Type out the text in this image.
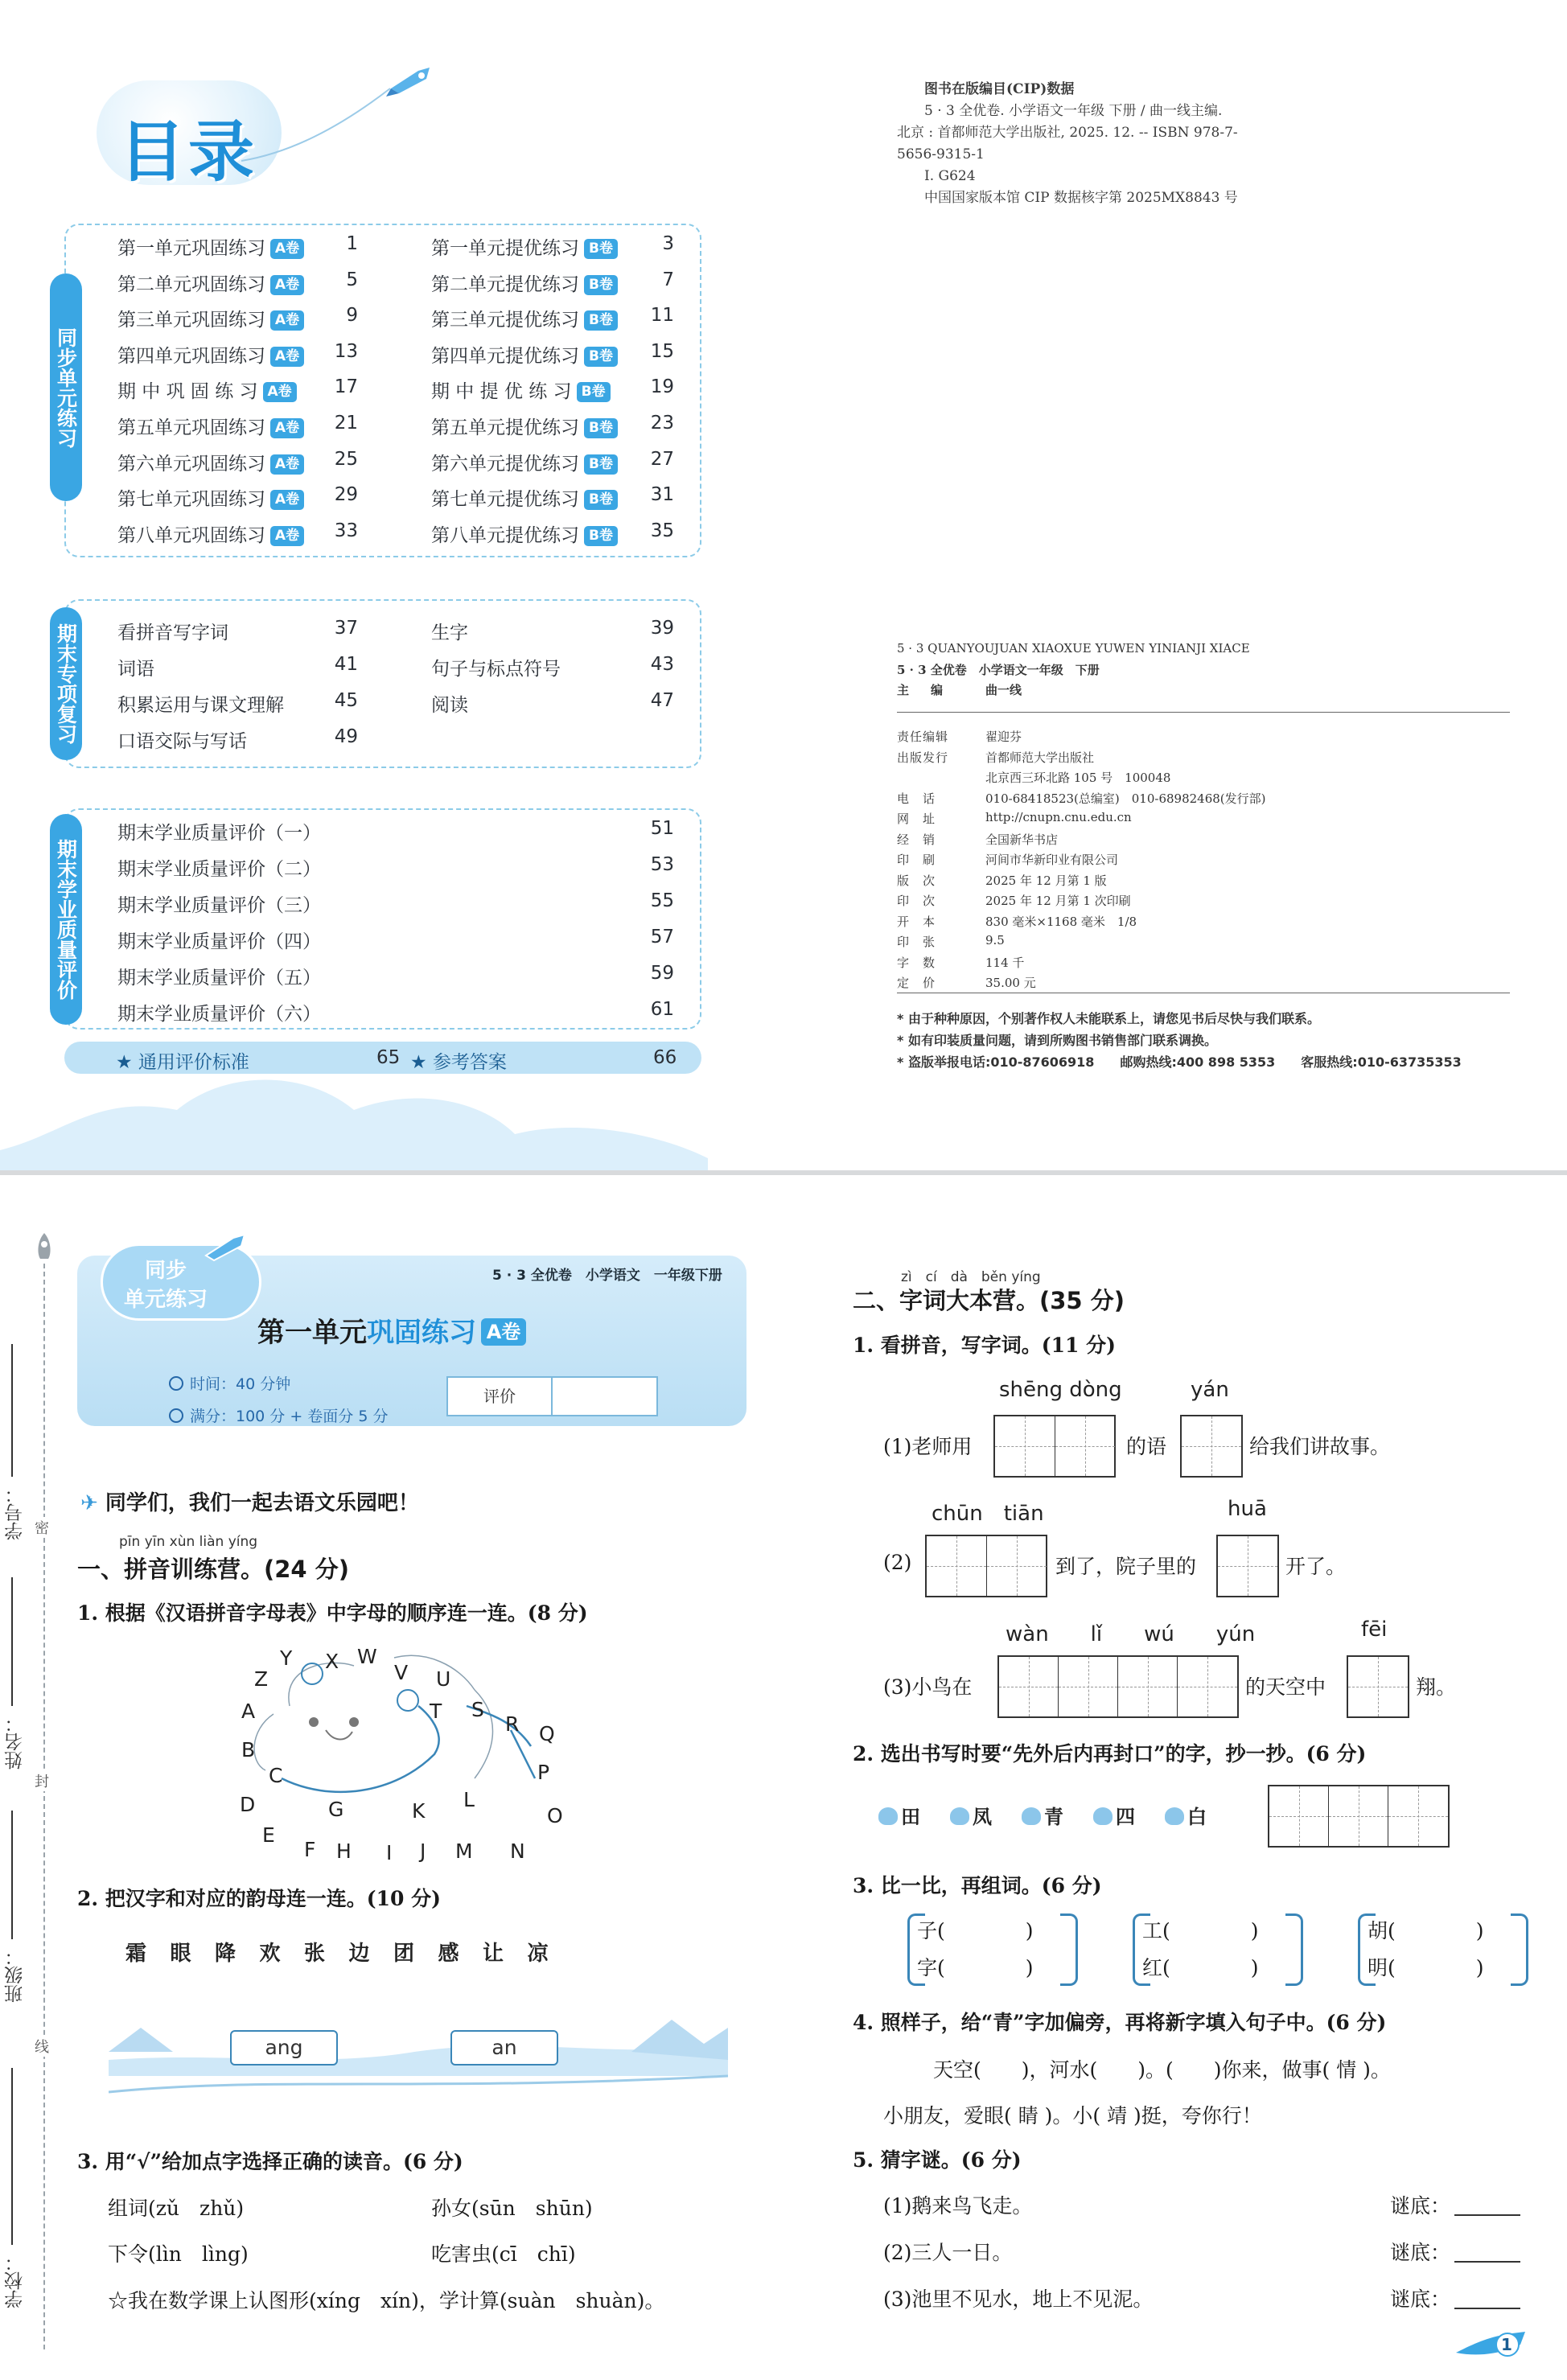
目录
同步单元练习
期末专项复习
期末学业质量评价
★ 通用评价标准	65 ★ 参考答案	66
图书在版编目(CIP)数据
5 · 3 全优卷. 小学语文一年级 下册 / 曲一线主编.
北京 : 首都师范大学出版社, 2025. 12. -- ISBN 978-7-
5656-9315-1
Ⅰ. G624
中国国家版本馆 CIP 数据核字第 2025MX8843 号
5 · 3 QUANYOUJUAN XIAOXUE YUWEN YINIANJI XIACE
5 · 3 全优卷　小学语文一年级　下册
主　编	曲一线
责任编辑	翟迎芬
出版发行	首都师范大学出版社
北京西三环北路 105 号　100048
电　话	010-68418523(总编室)　010-68982468(发行部)
网　址	http://cnupn.cnu.edu.cn
经　销	全国新华书店
印　刷	河间市华新印业有限公司
版　次	2025 年 12 月第 1 版
印　次	2025 年 12 月第 1 次印刷
开　本	830 毫米×1168 毫米　1/8
印　张	9.5
字　数	114 千
定　价	35.00 元
* 由于种种原因，个别著作权人未能联系上，请您见书后尽快与我们联系。
* 如有印装质量问题，请到所购图书销售部门联系调换。
* 盗版举报电话:010-87606918　　邮购热线:400 898 5353　　客服热线:010-63735353
第一单元巩固练习 A卷	1
第二单元巩固练习 A卷	5
第三单元巩固练习 A卷	9
第四单元巩固练习 A卷	13
期 中 巩 固 练 习 A卷	17
第五单元巩固练习 A卷	21
第六单元巩固练习 A卷	25
第七单元巩固练习 A卷	29
第八单元巩固练习 A卷	33
第一单元提优练习 B卷	3
第二单元提优练习 B卷	7
第三单元提优练习 B卷	11
第四单元提优练习 B卷	15
期 中 提 优 练 习 B卷	19
第五单元提优练习 B卷	23
第六单元提优练习 B卷	27
第七单元提优练习 B卷	31
第八单元提优练习 B卷	35
看拼音写字词	37
词语	41
积累运用与课文理解	45
口语交际与写话	49
生字	39
句子与标点符号	43
阅读	47
期末学业质量评价（一）	51
期末学业质量评价（二）	53
期末学业质量评价（三）	55
期末学业质量评价（四）	57
期末学业质量评价（五）	59
期末学业质量评价（六）	61
密
封
线
学号：
姓名：
班级：
学校：
同步
单元练习
5 · 3 全优卷　小学语文　一年级下册
第一单元巩固练习 A卷
时间：40 分钟
满分：100 分 + 卷面分 5 分
评价
✈ 同学们，我们一起去语文乐园吧！
pīn yīn xùn liàn yíng
一、拼音训练营。(24 分)
1. 根据《汉语拼音字母表》中字母的顺序连一连。(8 分)
2. 把汉字和对应的韵母连一连。(10 分)
ang	an
3. 用“√”给加点字选择正确的读音。(6 分)
组词(zǔ　zhǔ)	孙女(sūn　shūn)
下令(lìn　lìng)	吃害虫(cī　chī)
☆我在数学课上认图形(xíng　xín)，学计算(suàn　shuàn)。
zì　cí　dà　běn yíng
二、字词大本营。(35 分)
1. 看拼音，写字词。(11 分)
shēng dòng	yán
(1)老师用	的语	给我们讲故事。
chūn　tiān	huā
(2)	到了，院子里的	开了。
wàn　　lǐ　　wú　　yún	fēi
(3)小鸟在	的天空中	翔。
2. 选出书写时要“先外后内再封口”的字，抄一抄。(6 分)
3. 比一比，再组词。(6 分)
4. 照样子，给“青”字加偏旁，再将新字填入句子中。(6 分)
天空(　　)，河水(　　)。(　　)你来，做事( 情 )。
小朋友，爱眼( 睛 )。小( 靖 )挺，夸你行！
5. 猜字谜。(6 分)
1
Y X W
Z	V U
A	T S
R Q
B
C	P
D	G	K L
O
E
F H I J M N
霜 眼 降 欢 张 边 团 感 让 凉
田	凤	青	四	白
子(　　　　)
字(　　　　)
工(　　　　)
红(　　　　)
胡(　　　　)
明(　　　　)
(1)鹅来鸟飞走。	谜底：
(2)三人一日。	谜底：
(3)池里不见水，地上不见泥。	谜底：
